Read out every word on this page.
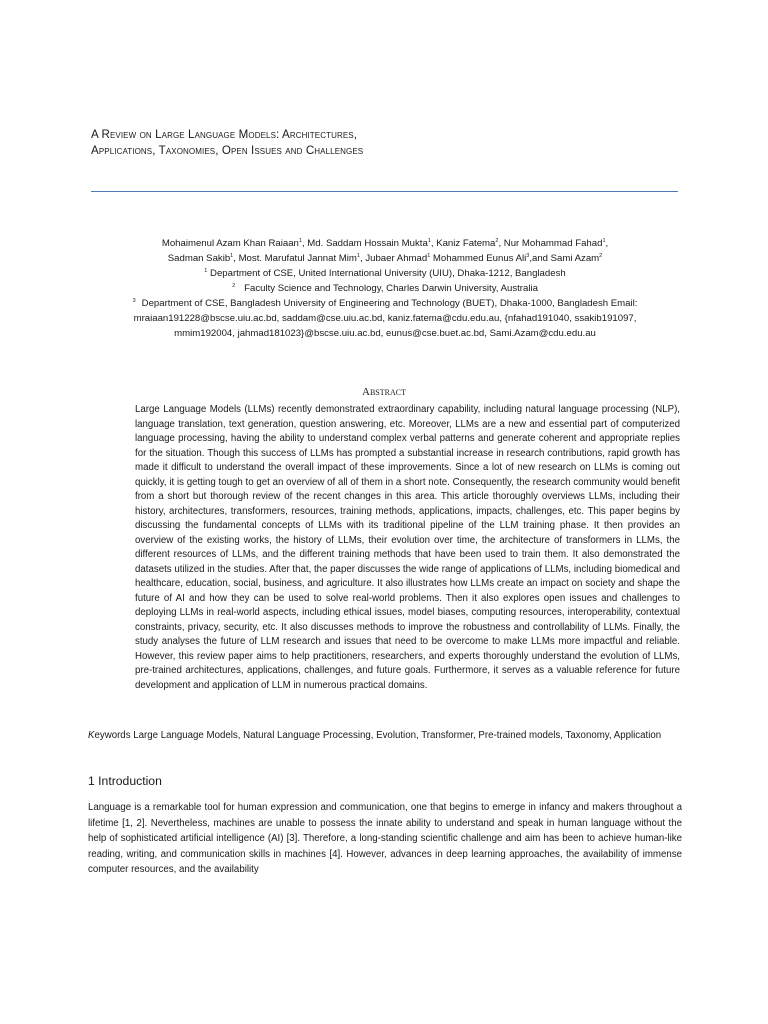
A Review on Large Language Models: Architectures,
Applications, Taxonomies, Open Issues and Challenges
Mohaimenul Azam Khan Raiaan$^1$, Md. Saddam Hossain Mukta$^1$, Kaniz Fatema$^2$, Nur Mohammad Fahad$^1$,
Sadman Sakib$^1$, Most. Marufatul Jannat Mim$^1$, Jubaer Ahmad$^1$ Mohammed Eunus Ali$^3$,and Sami Azam$^2$
$^1$ Department of CSE, United International University (UIU), Dhaka-1212, Bangladesh
$^2$ Faculty Science and Technology, Charles Darwin University, Australia
$^3$ Department of CSE, Bangladesh University of Engineering and Technology (BUET), Dhaka-1000, Bangladesh Email:
mraiaan191228@bscse.uiu.ac.bd, saddam@cse.uiu.ac.bd, kaniz.fatema@cdu.edu.au, {nfahad191040, ssakib191097,
mmim192004, jahmad181023}@bscse.uiu.ac.bd, eunus@cse.buet.ac.bd, Sami.Azam@cdu.edu.au
Abstract

Large Language Models (LLMs) recently demonstrated extraordinary capability, including natural language processing (NLP), language translation, text generation, question answering, etc. Moreover, LLMs are a new and essential part of computerized language processing, having the ability to understand complex verbal patterns and generate coherent and appropriate replies for the situation. Though this success of LLMs has prompted a substantial increase in research contributions, rapid growth has made it difficult to understand the overall impact of these improvements. Since a lot of new research on LLMs is coming out quickly, it is getting tough to get an overview of all of them in a short note. Consequently, the research community would benefit from a short but thorough review of the recent changes in this area. This article thoroughly overviews LLMs, including their history, architectures, transformers, resources, training methods, applications, impacts, challenges, etc. This paper begins by discussing the fundamental concepts of LLMs with its traditional pipeline of the LLM training phase. It then provides an overview of the existing works, the history of LLMs, their evolution over time, the architecture of transformers in LLMs, the different resources of LLMs, and the different training methods that have been used to train them. It also demonstrated the datasets utilized in the studies. After that, the paper discusses the wide range of applications of LLMs, including biomedical and healthcare, education, social, business, and agriculture. It also illustrates how LLMs create an impact on society and shape the future of AI and how they can be used to solve real-world problems. Then it also explores open issues and challenges to deploying LLMs in real-world aspects, including ethical issues, model biases, computing resources, interoperability, contextual constraints, privacy, security, etc. It also discusses methods to improve the robustness and controllability of LLMs. Finally, the study analyses the future of LLM research and issues that need to be overcome to make LLMs more impactful and reliable. However, this review paper aims to help practitioners, researchers, and experts thoroughly understand the evolution of LLMs, pre-trained architectures, applications, challenges, and future goals. Furthermore, it serves as a valuable reference for future development and application of LLM in numerous practical domains.

Keywords Large Language Models, Natural Language Processing, Evolution, Transformer, Pre-trained models, Taxonomy, Application

1 Introduction

Language is a remarkable tool for human expression and communication, one that begins to emerge in infancy and makers throughout a lifetime [1, 2]. Nevertheless, machines are unable to possess the innate ability to understand and speak in human language without the help of sophisticated artificial intelligence (AI) [3]. Therefore, a long-standing scientific challenge and aim has been to achieve human-like reading, writing, and communication skills in machines [4]. However, advances in deep learning approaches, the availability of immense computer resources, and the availability
